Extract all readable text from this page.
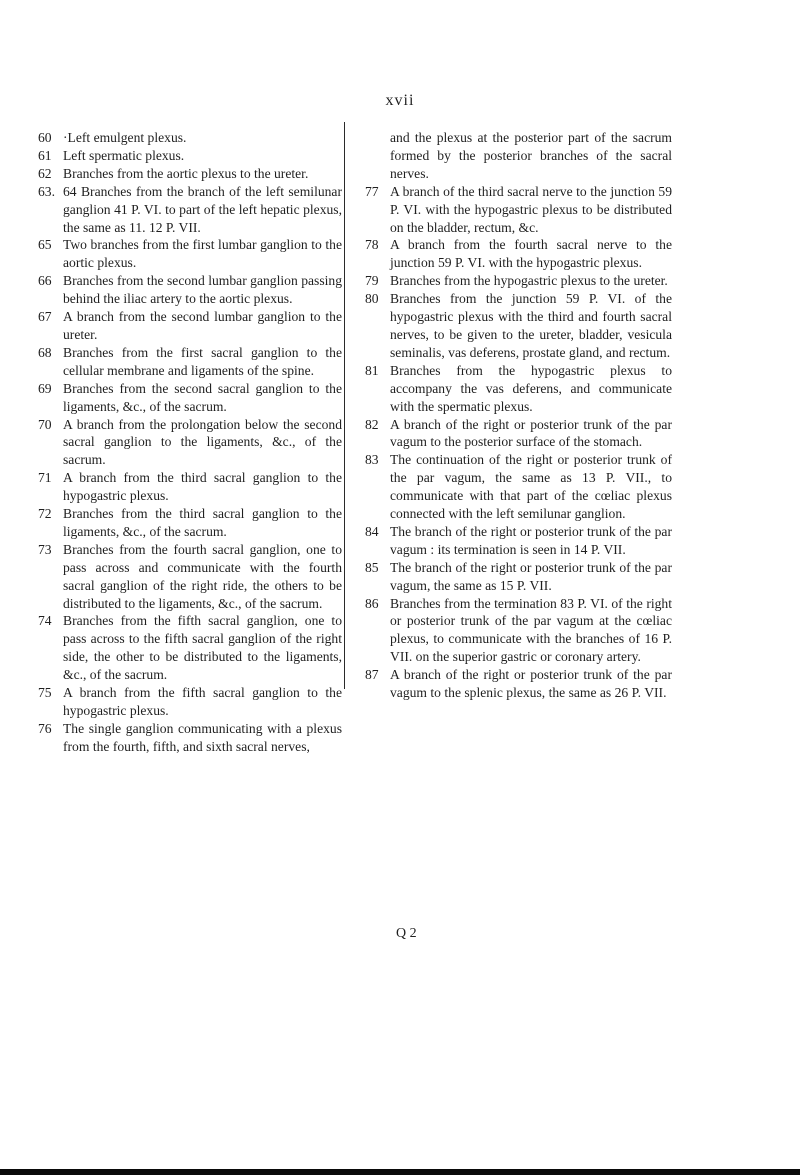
xvii

60 ·Left emulgent plexus.

61 Left spermatic plexus.

62 Branches from the aortic plexus to the ureter.

63. 64 Branches from the branch of the left semilunar ganglion 41 P. VI. to part of the left hepatic plexus, the same as 11. 12 P. VII.

65 Two branches from the first lumbar ganglion to the aortic plexus.

66 Branches from the second lumbar ganglion passing behind the iliac artery to the aortic plexus.

67 A branch from the second lumbar ganglion to the ureter.

68 Branches from the first sacral ganglion to the cellular membrane and ligaments of the spine.

69 Branches from the second sacral ganglion to the ligaments, &c., of the sacrum.

70 A branch from the prolongation below the second sacral ganglion to the ligaments, &c., of the sacrum.

71 A branch from the third sacral ganglion to the hypogastric plexus.

72 Branches from the third sacral ganglion to the ligaments, &c., of the sacrum.

73 Branches from the fourth sacral ganglion, one to pass across and communicate with the fourth sacral ganglion of the right ride, the others to be distributed to the ligaments, &c., of the sacrum.

74 Branches from the fifth sacral ganglion, one to pass across to the fifth sacral ganglion of the right side, the other to be distributed to the ligaments, &c., of the sacrum.

75 A branch from the fifth sacral ganglion to the hypogastric plexus.

76 The single ganglion communicating with a plexus from the fourth, fifth, and sixth sacral nerves,

and the plexus at the posterior part of the sacrum formed by the posterior branches of the sacral nerves.

77 A branch of the third sacral nerve to the junction 59 P. VI. with the hypogastric plexus to be distributed on the bladder, rectum, &c.

78 A branch from the fourth sacral nerve to the junction 59 P. VI. with the hypogastric plexus.

79 Branches from the hypogastric plexus to the ureter.

80 Branches from the junction 59 P. VI. of the hypogastric plexus with the third and fourth sacral nerves, to be given to the ureter, bladder, vesicula seminalis, vas deferens, prostate gland, and rectum.

81 Branches from the hypogastric plexus to accompany the vas deferens, and communicate with the spermatic plexus.

82 A branch of the right or posterior trunk of the par vagum to the posterior surface of the stomach.

83 The continuation of the right or posterior trunk of the par vagum, the same as 13 P. VII., to communicate with that part of the cœliac plexus connected with the left semilunar ganglion.

84 The branch of the right or posterior trunk of the par vagum : its termination is seen in 14 P. VII.

85 The branch of the right or posterior trunk of the par vagum, the same as 15 P. VII.

86 Branches from the termination 83 P. VI. of the right or posterior trunk of the par vagum at the cœliac plexus, to communicate with the branches of 16 P. VII. on the superior gastric or coronary artery.

87 A branch of the right or posterior trunk of the par vagum to the splenic plexus, the same as 26 P. VII.

Q 2
